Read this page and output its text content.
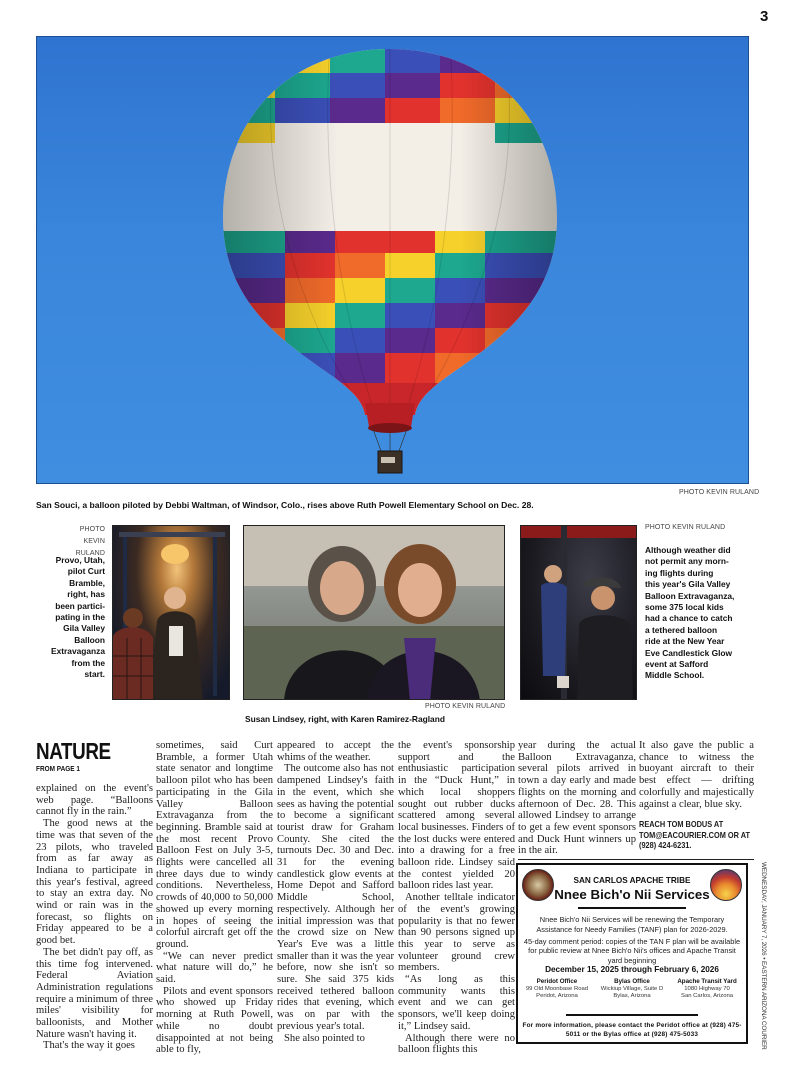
3
PHOTO KEVIN RULAND
San Souci, a balloon piloted by Debbi Waltman, of Windsor, Colo., rises above Ruth Powell Elementary School on Dec. 28.
PHOTO KEVIN
RULAND
Provo, Utah,
pilot Curt
Bramble,
right, has
been partici-
pating in the
Gila Valley
Balloon
Extravaganza
from the
start.
PHOTO KEVIN RULAND
Susan Lindsey, right, with Karen Ramirez-Ragland
PHOTO KEVIN RULAND
Although weather did
not permit any morn-
ing flights during
this year's Gila Valley
Balloon Extravaganza,
some 375 local kids
had a chance to catch
a tethered balloon
ride at the New Year
Eve Candlestick Glow
event at Safford
Middle School.
NATURE
FROM PAGE 1

explained on the event's web page. “Balloons cannot fly in the rain.”

The good news at the time was that seven of the 23 pilots, who traveled from as far away as Indiana to participate in this year's festival, agreed to stay an extra day. No wind or rain was in the forecast, so flights on Friday appeared to be a good bet.

The bet didn't pay off, as this time fog intervened. Federal Aviation Administration regulations require a minimum of three miles' visibility for balloonists, and Mother Nature wasn't having it.

That's the way it goes

sometimes, said Curt Bramble, a former Utah state senator and longtime balloon pilot who has been participating in the Gila Valley Balloon Extravaganza from the beginning. Bramble said at the most recent Provo Balloon Fest on July 3-5, flights were cancelled all three days due to windy conditions. Nevertheless, crowds of 40,000 to 50,000 showed up every morning in hopes of seeing the colorful aircraft get off the ground.

“We can never predict what nature will do,” he said.

Pilots and event sponsors who showed up Friday morning at Ruth Powell, while no doubt disappointed at not being able to fly,

appeared to accept the whims of the weather.

The outcome also has not dampened Lindsey's faith in the event, which she sees as having the potential to become a significant tourist draw for Graham County. She cited the turnouts Dec. 30 and Dec. 31 for the evening candlestick glow events at Home Depot and Safford Middle School, respectively. Although her initial impression was that the crowd size on New Year's Eve was a little smaller than it was the year before, now she isn't so sure. She said 375 kids received tethered balloon rides that evening, which was on par with the previous year's total.

She also pointed to

the event's sponsorship support and the enthusiastic participation in the “Duck Hunt,” in which local shoppers sought out rubber ducks scattered among several local businesses. Finders of the lost ducks were entered into a drawing for a free balloon ride. Lindsey said the contest yielded 20 balloon rides last year.

Another telltale indicator of the event's growing popularity is that no fewer than 90 persons signed up this year to serve as volunteer ground crew members.

“As long as this community wants this event and we can get sponsors, we'll keep doing it,” Lindsey said.

Although there were no balloon flights this

year during the actual Balloon Extravaganza, several pilots arrived in town a day early and made flights on the morning and afternoon of Dec. 28. This allowed Lindsey to arrange to get a few event sponsors and Duck Hunt winners up in the air.

It also gave the public a chance to witness the buoyant aircraft to their best effect — drifting colorfully and majestically against a clear, blue sky.

REACH TOM BODUS AT TOM@EACOURIER.COM OR AT (928) 424-6231.
SAN CARLOS APACHE TRIBE
Nnee Bich'o Nii Services
Nnee Bich'o Nii Services will be renewing the Temporary Assistance for Needy Families (TANF) plan for 2026-2029.
45-day comment period: copies of the TAN F plan will be available for public review at Nnee Bich'o Nii's offices and Apache Transit yard beginning
December 15, 2025 through February 6, 2026
Peridot Office
99 Old Moonbase Road
Peridot, Arizona
Bylas Office
Wickiup Village, Suite D
Bylas, Arizona
Apache Transit Yard
1080 Highway 70
San Carlos, Arizona
For more information, please contact the Peridot office at (928) 475-5011 or the Bylas office at (928) 475-5033	WEDNESDAY, JANUARY 7, 2026 • EASTERN ARIZONA COURIER
